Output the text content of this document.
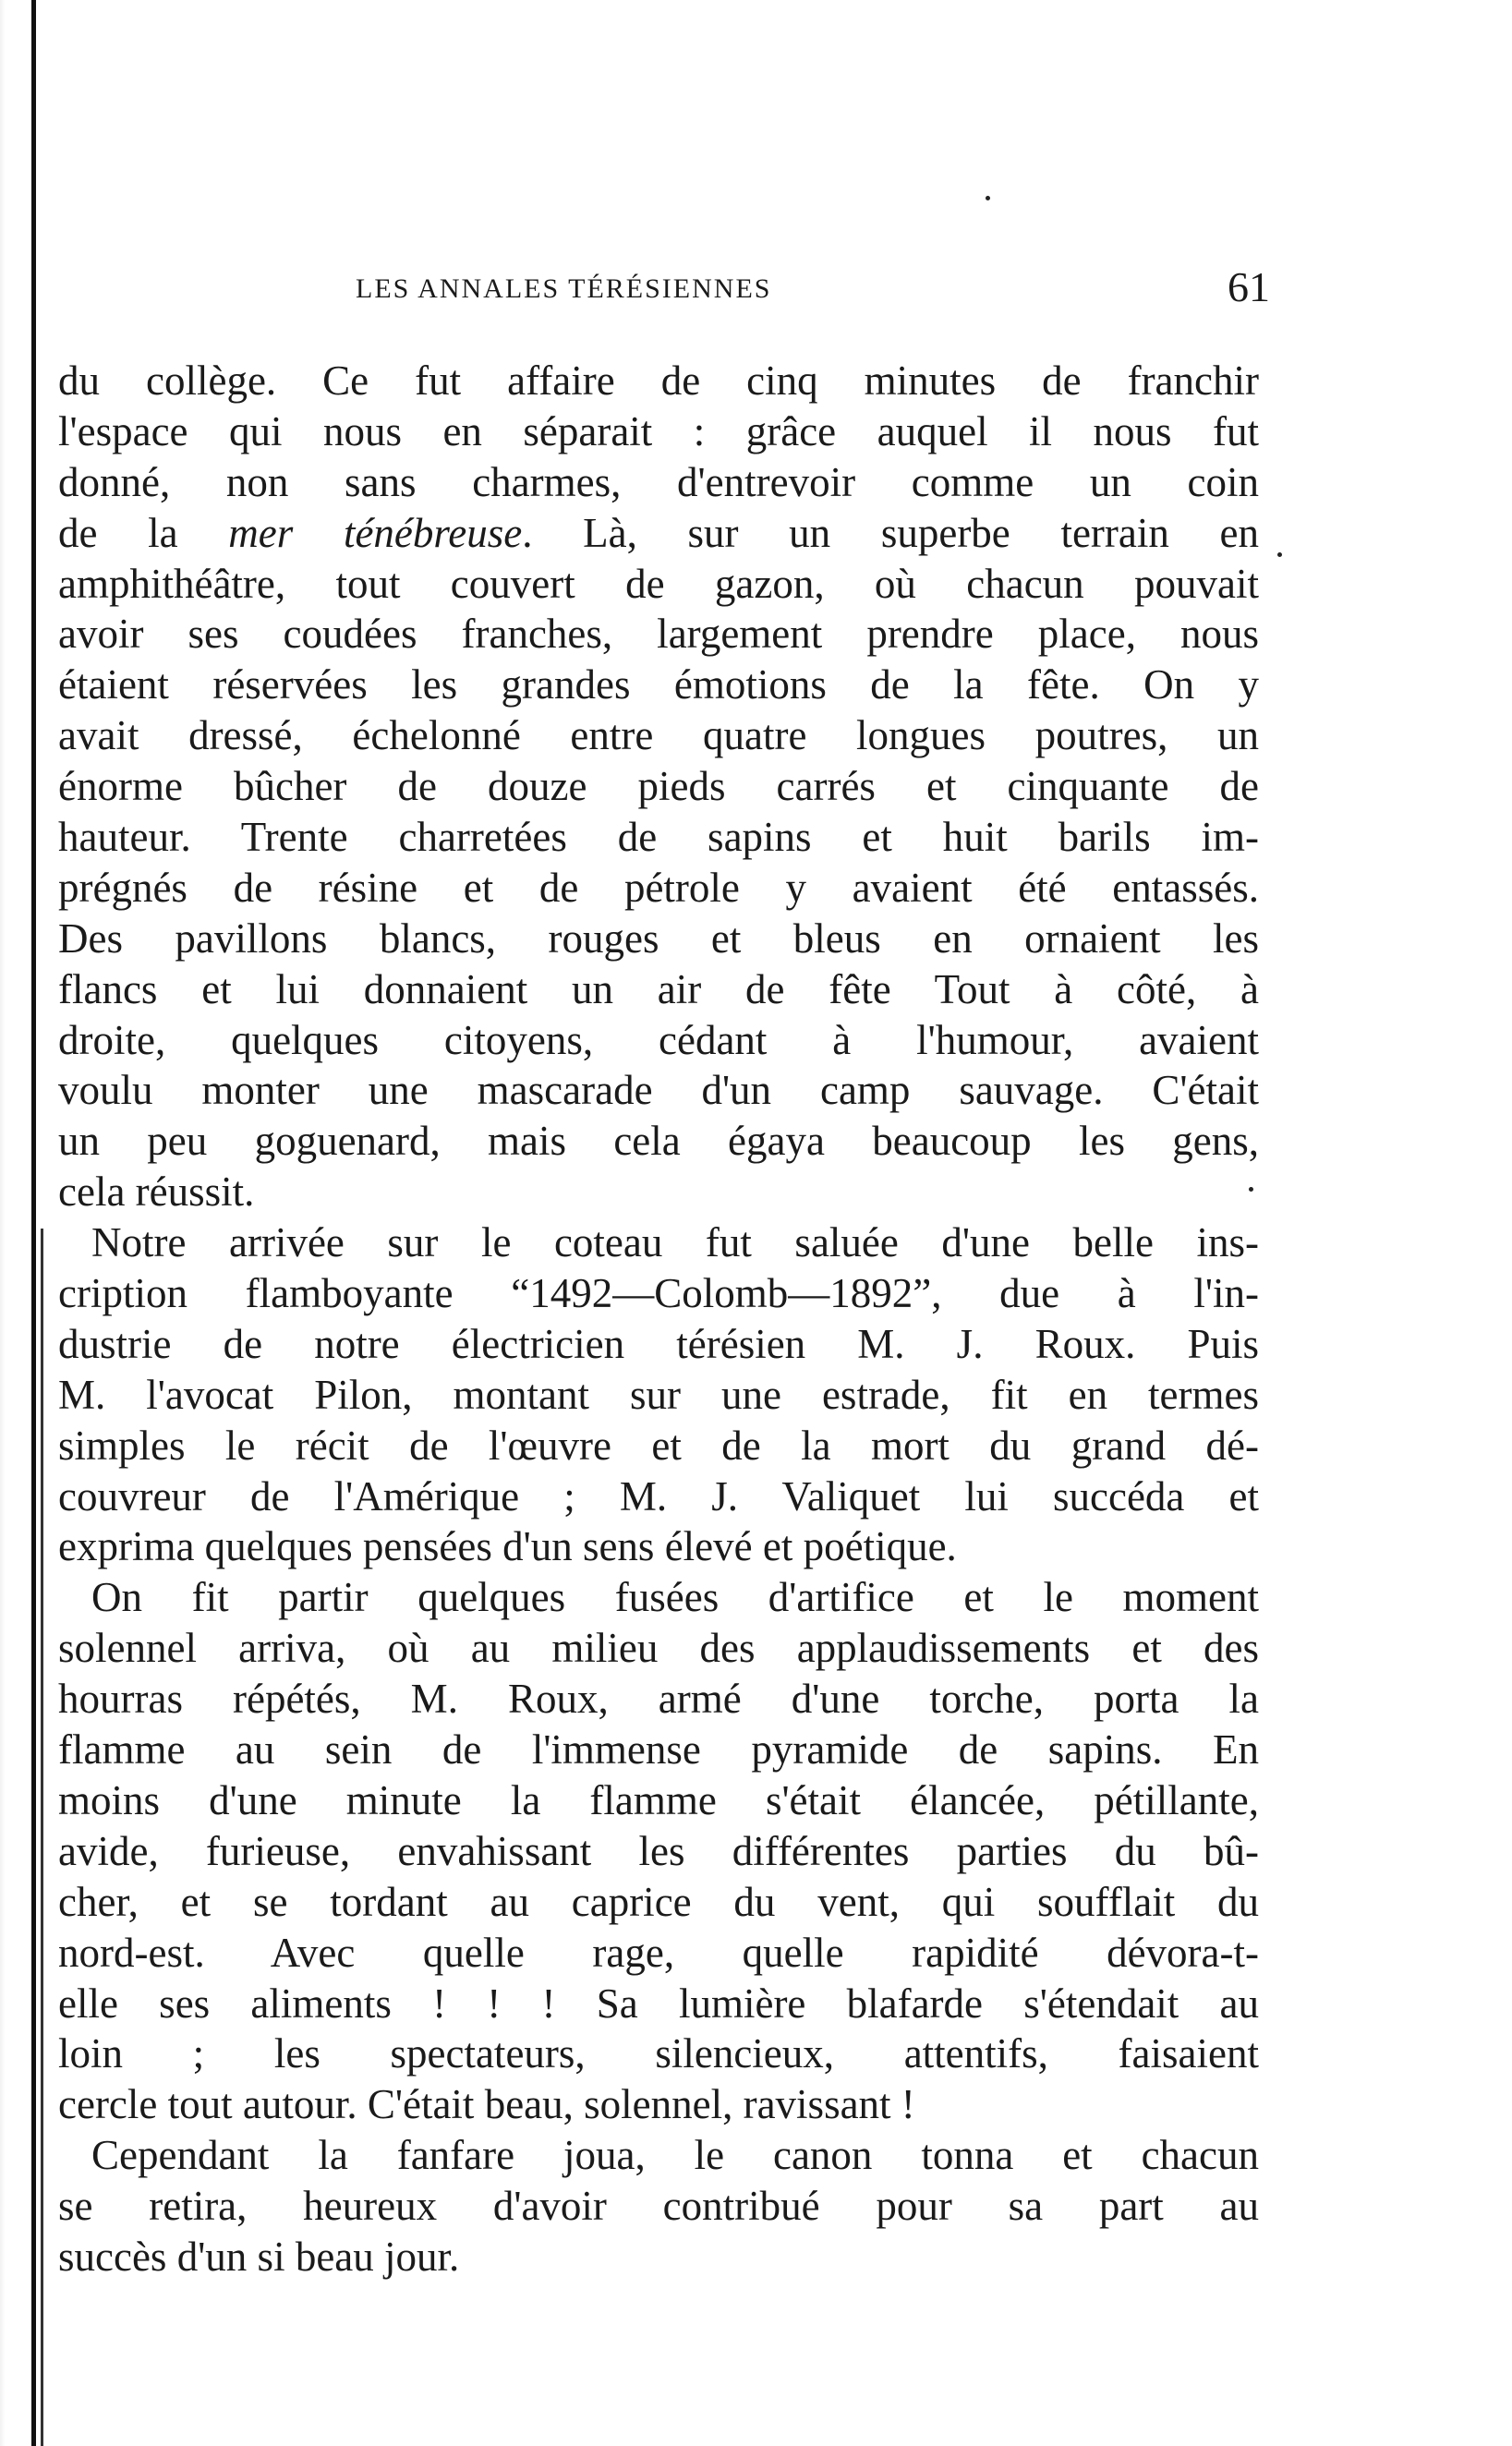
LES ANNALES TÉRÉSIENNES	61
du collège. Ce fut affaire de cinq minutes de franchir
l'espace qui nous en séparait : grâce auquel il nous fut
donné, non sans charmes, d'entrevoir comme un coin
de la mer ténébreuse. Là, sur un superbe terrain en
amphithéâtre, tout couvert de gazon, où chacun pouvait
avoir ses coudées franches, largement prendre place, nous
étaient réservées les grandes émotions de la fête. On y
avait dressé, échelonné entre quatre longues poutres, un
énorme bûcher de douze pieds carrés et cinquante de
hauteur. Trente charretées de sapins et huit barils im-
prégnés de résine et de pétrole y avaient été entassés.
Des pavillons blancs, rouges et bleus en ornaient les
flancs et lui donnaient un air de fête Tout à côté, à
droite, quelques citoyens, cédant à l'humour, avaient
voulu monter une mascarade d'un camp sauvage. C'était
un peu goguenard, mais cela égaya beaucoup les gens,
cela réussit.
Notre arrivée sur le coteau fut saluée d'une belle ins-
cription flamboyante “1492—Colomb—1892”, due à l'in-
dustrie de notre électricien térésien M. J. Roux. Puis
M. l'avocat Pilon, montant sur une estrade, fit en termes
simples le récit de l'œuvre et de la mort du grand dé-
couvreur de l'Amérique ; M. J. Valiquet lui succéda et
exprima quelques pensées d'un sens élevé et poétique.
On fit partir quelques fusées d'artifice et le moment
solennel arriva, où au milieu des applaudissements et des
hourras répétés, M. Roux, armé d'une torche, porta la
flamme au sein de l'immense pyramide de sapins. En
moins d'une minute la flamme s'était élancée, pétillante,
avide, furieuse, envahissant les différentes parties du bû-
cher, et se tordant au caprice du vent, qui soufflait du
nord-est. Avec quelle rage, quelle rapidité dévora-t-
elle ses aliments ! ! ! Sa lumière blafarde s'étendait au
loin ; les spectateurs, silencieux, attentifs, faisaient
cercle tout autour. C'était beau, solennel, ravissant !
Cependant la fanfare joua, le canon tonna et chacun
se retira, heureux d'avoir contribué pour sa part au
succès d'un si beau jour.
